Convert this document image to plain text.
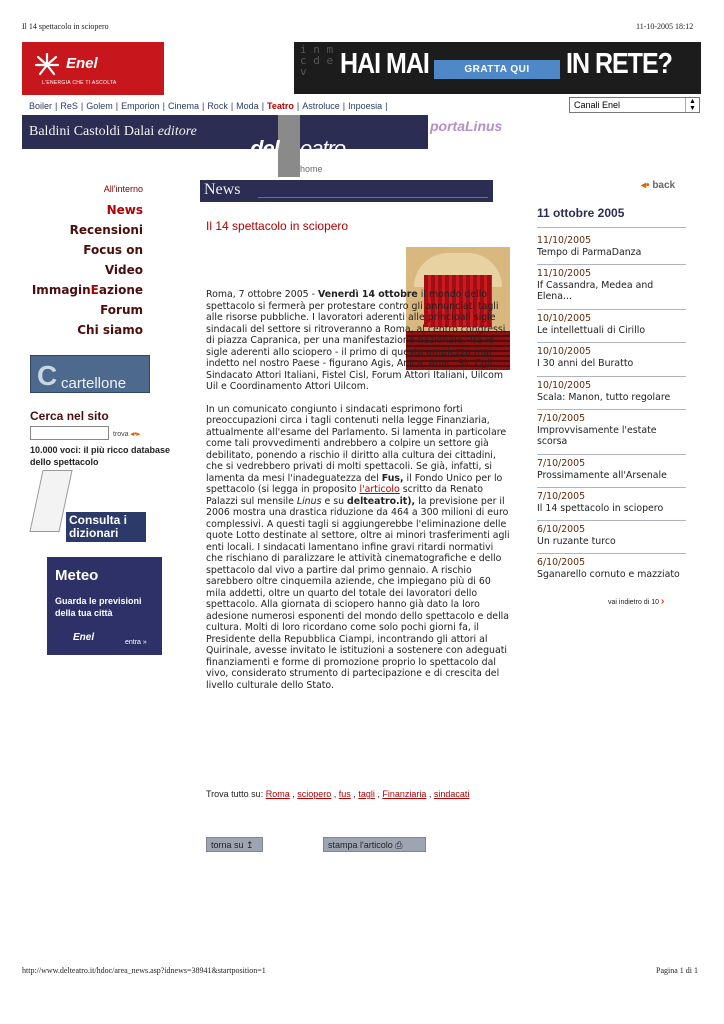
Il 14 spettacolo in sciopero	11-10-2005 18:12
Enel
L'ENERGIA CHE TI ASCOLTA
i n m c d e v	HAI MAI	GRATTA QUI	IN RETE?
Boiler | ReS | Golem | Emporion | Cinema | Rock | Moda | Teatro | Astroluce | Inpoesia |	Canali Enel	▲
▼
Baldini Castoldi Dalai editore
del eatro
home
portaLinus
All'interno
News
Recensioni
Focus on
Video
ImmaginEazione
Forum
Chi siamo
C cartellone
Cerca nel sito
trova ◂•▸
10.000 voci: il più ricco database dello spettacolo
Consulta i dizionari
Meteo
Guarda le previsioni della tua città
Enel	entra »
News
Il 14 spettacolo in sciopero

Roma, 7 ottobre 2005 - Venerdì 14 ottobre il mondo dello spettacolo si fermerà per protestare contro gli annunciati tagli alle risorse pubbliche. I lavoratori aderenti alle principali sigle sindacali del settore si ritroveranno a Roma, al centro congressi di piazza Capranica, per una manifestazione nazionale. Tra le sigle aderenti allo sciopero - il primo di questa ampiezza mai indetto nel nostro Paese - figurano Agis, Anica, Anac, Slc Cgil, Sindacato Attori Italiani, Fistel Cisl, Forum Attori Italiani, Uilcom Uil e Coordinamento Attori Uilcom.

In un comunicato congiunto i sindacati esprimono forti preoccupazioni circa i tagli contenuti nella legge Finanziaria, attualmente all'esame del Parlamento. Si lamenta in particolare come tali provvedimenti andrebbero a colpire un settore già debilitato, ponendo a rischio il diritto alla cultura dei cittadini, che si vedrebbero privati di molti spettacoli. Se già, infatti, si lamenta da mesi l'inadeguatezza del Fus, il Fondo Unico per lo spettacolo (si legga in proposito l'articolo scritto da Renato Palazzi sul mensile Linus e su delteatro.it), la previsione per il 2006 mostra una drastica riduzione da 464 a 300 milioni di euro complessivi. A questi tagli si aggiungerebbe l'eliminazione delle quote Lotto destinate al settore, oltre ai minori trasferimenti agli enti locali. I sindacati lamentano infine gravi ritardi normativi che rischiano di paralizzare le attività cinematografiche e dello spettacolo dal vivo a partire dal primo gennaio. A rischio sarebbero oltre cinquemila aziende, che impiegano più di 60 mila addetti, oltre un quarto del totale dei lavoratori dello spettacolo. Alla giornata di sciopero hanno già dato la loro adesione numerosi esponenti del mondo dello spettacolo e della cultura. Molti di loro ricordano come solo pochi giorni fa, il Presidente della Repubblica Ciampi, incontrando gli attori al Quirinale, avesse invitato le istituzioni a sostenere con adeguati finanziamenti e forme di promozione proprio lo spettacolo dal vivo, considerato strumento di partecipazione e di crescita del livello culturale dello Stato.

Trova tutto su: Roma , sciopero , fus , tagli , Finanziaria , sindacati
torna su ↥	stampa l'articolo ⎙
◂• back
11 ottobre 2005
11/10/2005
Tempo di ParmaDanza
11/10/2005
If Cassandra, Medea and Elena...
10/10/2005
Le intellettuali di Cirillo
10/10/2005
I 30 anni del Buratto
10/10/2005
Scala: Manon, tutto regolare
7/10/2005
Improvvisamente l'estate scorsa
7/10/2005
Prossimamente all'Arsenale
7/10/2005
Il 14 spettacolo in sciopero
6/10/2005
Un ruzante turco
6/10/2005
Sganarello cornuto e mazziato
vai indietro di 10 ›
http://www.delteatro.it/hdoc/area_news.asp?idnews=38941&startposition=1	Pagina 1 di 1
